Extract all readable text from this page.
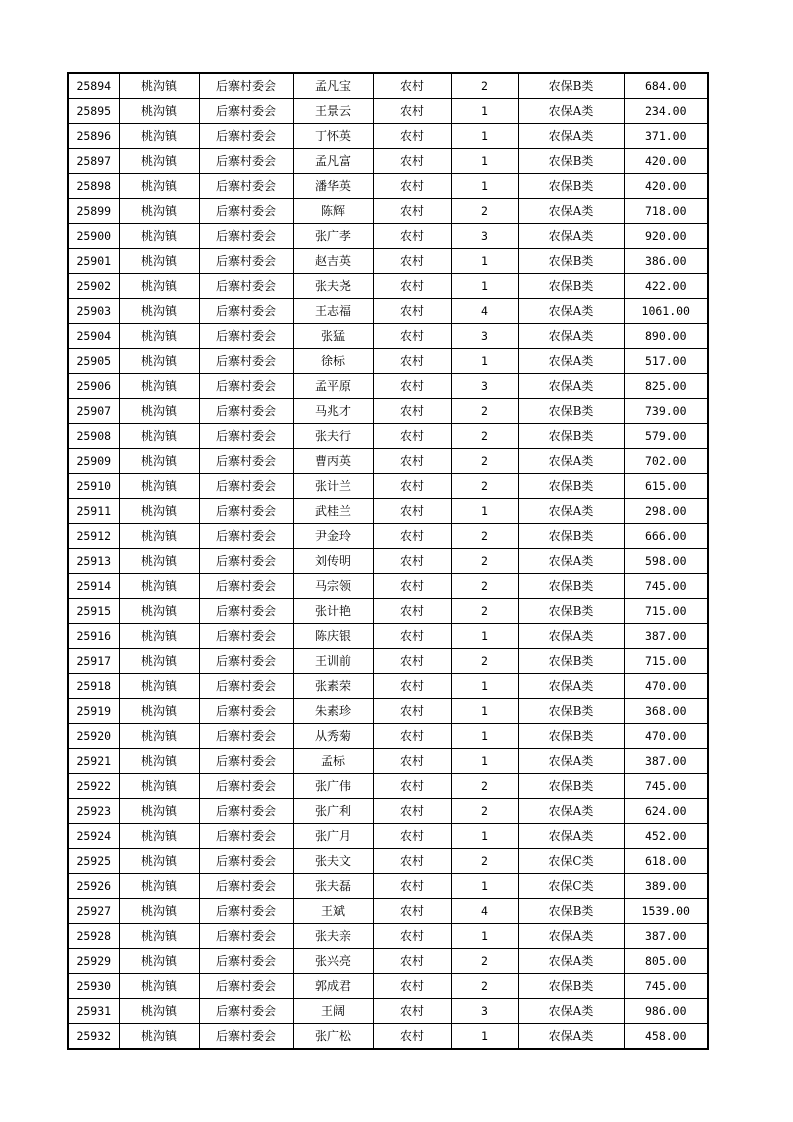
25894	桃沟镇	后寨村委会	孟凡宝	农村	2	农保B类	684.00
25895	桃沟镇	后寨村委会	王景云	农村	1	农保A类	234.00
25896	桃沟镇	后寨村委会	丁怀英	农村	1	农保A类	371.00
25897	桃沟镇	后寨村委会	孟凡富	农村	1	农保B类	420.00
25898	桃沟镇	后寨村委会	潘华英	农村	1	农保B类	420.00
25899	桃沟镇	后寨村委会	陈辉	农村	2	农保A类	718.00
25900	桃沟镇	后寨村委会	张广孝	农村	3	农保A类	920.00
25901	桃沟镇	后寨村委会	赵吉英	农村	1	农保B类	386.00
25902	桃沟镇	后寨村委会	张夫尧	农村	1	农保B类	422.00
25903	桃沟镇	后寨村委会	王志福	农村	4	农保A类	1061.00
25904	桃沟镇	后寨村委会	张猛	农村	3	农保A类	890.00
25905	桃沟镇	后寨村委会	徐标	农村	1	农保A类	517.00
25906	桃沟镇	后寨村委会	孟平原	农村	3	农保A类	825.00
25907	桃沟镇	后寨村委会	马兆才	农村	2	农保B类	739.00
25908	桃沟镇	后寨村委会	张夫行	农村	2	农保B类	579.00
25909	桃沟镇	后寨村委会	曹丙英	农村	2	农保A类	702.00
25910	桃沟镇	后寨村委会	张计兰	农村	2	农保B类	615.00
25911	桃沟镇	后寨村委会	武桂兰	农村	1	农保A类	298.00
25912	桃沟镇	后寨村委会	尹金玲	农村	2	农保B类	666.00
25913	桃沟镇	后寨村委会	刘传明	农村	2	农保A类	598.00
25914	桃沟镇	后寨村委会	马宗领	农村	2	农保B类	745.00
25915	桃沟镇	后寨村委会	张计艳	农村	2	农保B类	715.00
25916	桃沟镇	后寨村委会	陈庆银	农村	1	农保A类	387.00
25917	桃沟镇	后寨村委会	王训前	农村	2	农保B类	715.00
25918	桃沟镇	后寨村委会	张素荣	农村	1	农保A类	470.00
25919	桃沟镇	后寨村委会	朱素珍	农村	1	农保B类	368.00
25920	桃沟镇	后寨村委会	从秀菊	农村	1	农保B类	470.00
25921	桃沟镇	后寨村委会	孟标	农村	1	农保A类	387.00
25922	桃沟镇	后寨村委会	张广伟	农村	2	农保B类	745.00
25923	桃沟镇	后寨村委会	张广利	农村	2	农保A类	624.00
25924	桃沟镇	后寨村委会	张广月	农村	1	农保A类	452.00
25925	桃沟镇	后寨村委会	张夫文	农村	2	农保C类	618.00
25926	桃沟镇	后寨村委会	张夫磊	农村	1	农保C类	389.00
25927	桃沟镇	后寨村委会	王斌	农村	4	农保B类	1539.00
25928	桃沟镇	后寨村委会	张夫亲	农村	1	农保A类	387.00
25929	桃沟镇	后寨村委会	张兴亮	农村	2	农保A类	805.00
25930	桃沟镇	后寨村委会	郭成君	农村	2	农保B类	745.00
25931	桃沟镇	后寨村委会	王阔	农村	3	农保A类	986.00
25932	桃沟镇	后寨村委会	张广松	农村	1	农保A类	458.00
